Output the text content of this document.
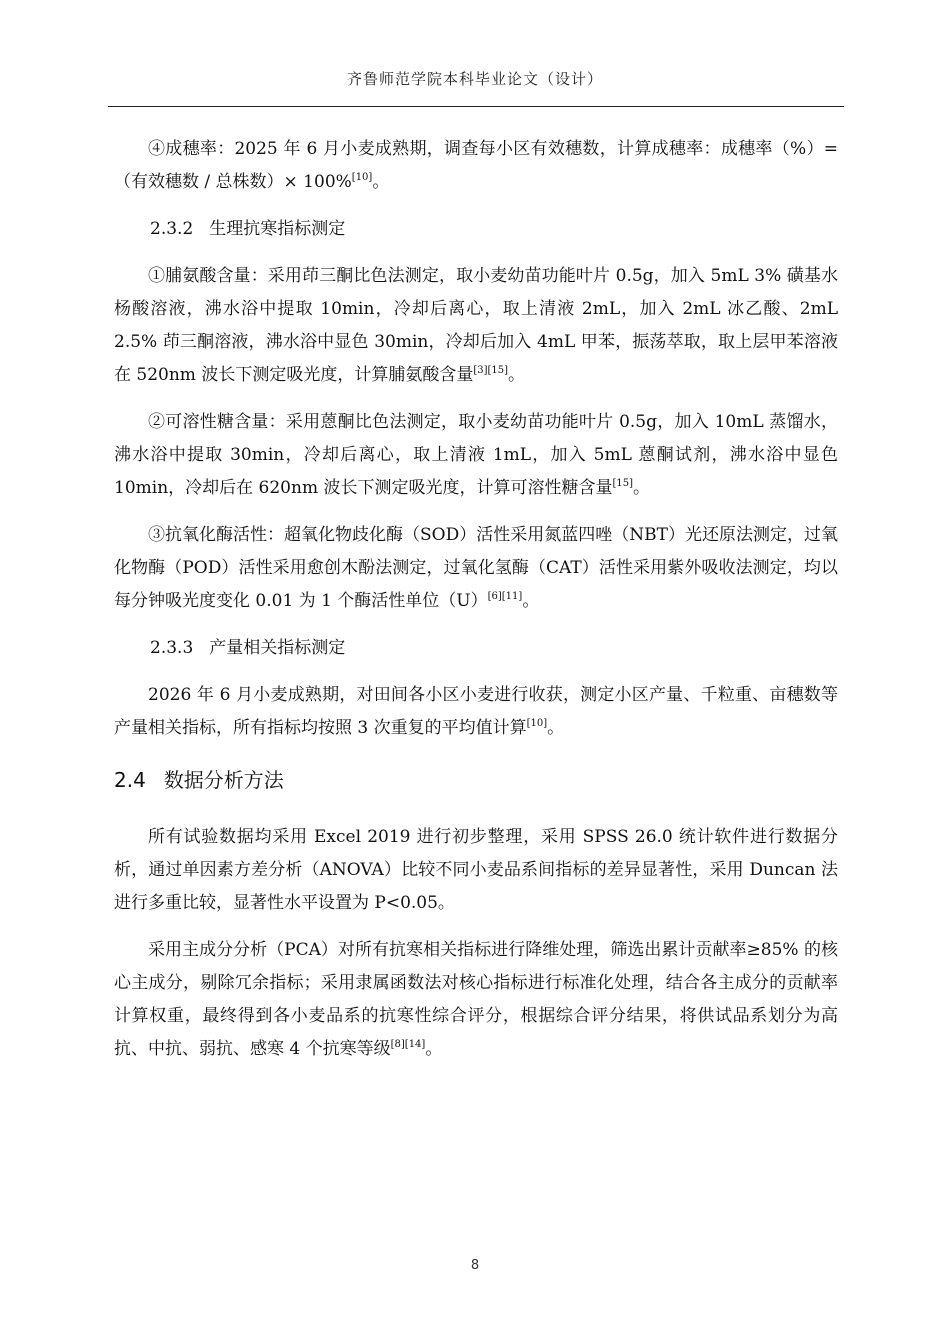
齐鲁师范学院本科毕业论文（设计）

④成穗率：2025 年 6 月小麦成熟期，调查每小区有效穗数，计算成穗率：成穗率（%）=（有效穗数 / 总株数）× 100%[10]。

2.3.2 生理抗寒指标测定

①脯氨酸含量：采用茚三酮比色法测定，取小麦幼苗功能叶片 0.5g，加入 5mL 3% 磺基水杨酸溶液，沸水浴中提取 10min，冷却后离心，取上清液 2mL，加入 2mL 冰乙酸、2mL 2.5% 茚三酮溶液，沸水浴中显色 30min，冷却后加入 4mL 甲苯，振荡萃取，取上层甲苯溶液在 520nm 波长下测定吸光度，计算脯氨酸含量[3][15]。

②可溶性糖含量：采用蒽酮比色法测定，取小麦幼苗功能叶片 0.5g，加入 10mL 蒸馏水，沸水浴中提取 30min，冷却后离心，取上清液 1mL，加入 5mL 蒽酮试剂，沸水浴中显色 10min，冷却后在 620nm 波长下测定吸光度，计算可溶性糖含量[15]。

③抗氧化酶活性：超氧化物歧化酶（SOD）活性采用氮蓝四唑（NBT）光还原法测定，过氧化物酶（POD）活性采用愈创木酚法测定，过氧化氢酶（CAT）活性采用紫外吸收法测定，均以每分钟吸光度变化 0.01 为 1 个酶活性单位（U）[6][11]。

2.3.3 产量相关指标测定

2026 年 6 月小麦成熟期，对田间各小区小麦进行收获，测定小区产量、千粒重、亩穗数等产量相关指标，所有指标均按照 3 次重复的平均值计算[10]。

2.4 数据分析方法

所有试验数据均采用 Excel 2019 进行初步整理，采用 SPSS 26.0 统计软件进行数据分析，通过单因素方差分析（ANOVA）比较不同小麦品系间指标的差异显著性，采用 Duncan 法进行多重比较，显著性水平设置为 P<0.05。

采用主成分分析（PCA）对所有抗寒相关指标进行降维处理，筛选出累计贡献率≥85% 的核心主成分，剔除冗余指标；采用隶属函数法对核心指标进行标准化处理，结合各主成分的贡献率计算权重，最终得到各小麦品系的抗寒性综合评分，根据综合评分结果，将供试品系划分为高抗、中抗、弱抗、感寒 4 个抗寒等级[8][14]。

8
